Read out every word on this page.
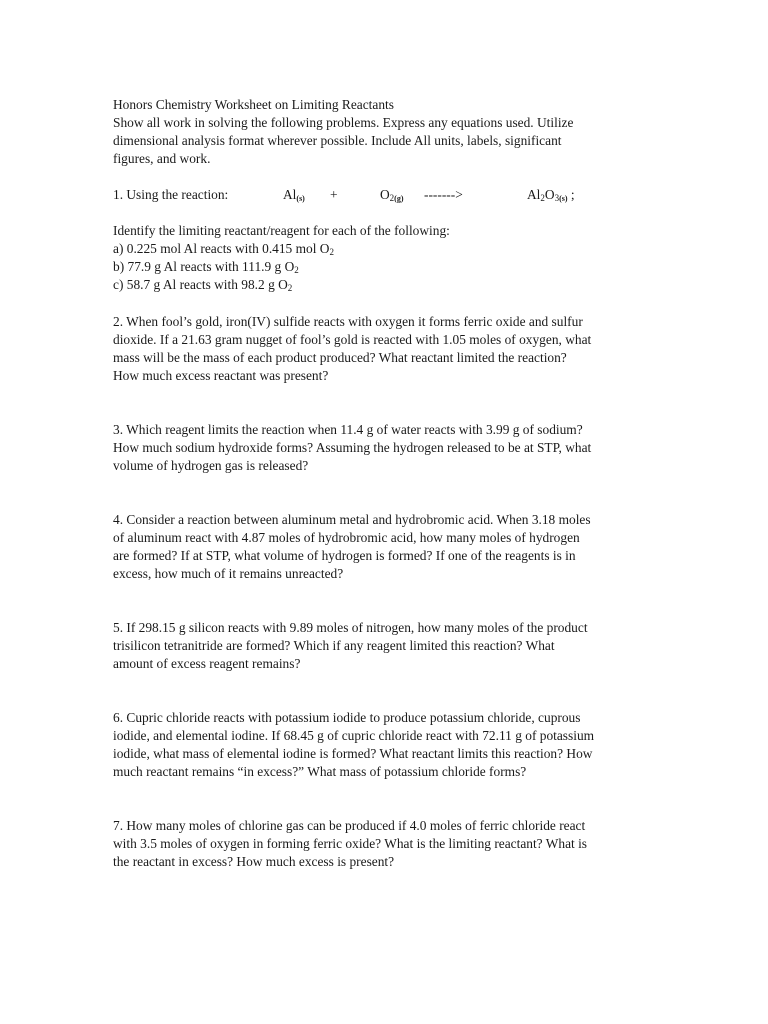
Honors Chemistry Worksheet on Limiting Reactants
Show all work in solving the following problems. Express any equations used. Utilize
dimensional analysis format wherever possible. Include All units, labels, significant
figures, and work.
1. Using the reaction:	$Al_{(s)}$ +	$O_{2(g)}$ ------->	$Al_2O_{3(s)}$ ;
Identify the limiting reactant/reagent for each of the following:
a) 0.225 mol Al reacts with 0.415 mol $O_2$
b) 77.9 g Al reacts with 111.9 g $O_2$
c) 58.7 g Al reacts with 98.2 g $O_2$
2. When fool’s gold, iron(IV) sulfide reacts with oxygen it forms ferric oxide and sulfur
dioxide. If a 21.63 gram nugget of fool’s gold is reacted with 1.05 moles of oxygen, what
mass will be the mass of each product produced? What reactant limited the reaction?
How much excess reactant was present?
3. Which reagent limits the reaction when 11.4 g of water reacts with 3.99 g of sodium?
How much sodium hydroxide forms? Assuming the hydrogen released to be at STP, what
volume of hydrogen gas is released?
4. Consider a reaction between aluminum metal and hydrobromic acid. When 3.18 moles
of aluminum react with 4.87 moles of hydrobromic acid, how many moles of hydrogen
are formed? If at STP, what volume of hydrogen is formed? If one of the reagents is in
excess, how much of it remains unreacted?
5. If 298.15 g silicon reacts with 9.89 moles of nitrogen, how many moles of the product
trisilicon tetranitride are formed? Which if any reagent limited this reaction? What
amount of excess reagent remains?
6. Cupric chloride reacts with potassium iodide to produce potassium chloride, cuprous
iodide, and elemental iodine. If 68.45 g of cupric chloride react with 72.11 g of potassium
iodide, what mass of elemental iodine is formed? What reactant limits this reaction? How
much reactant remains “in excess?” What mass of potassium chloride forms?
7. How many moles of chlorine gas can be produced if 4.0 moles of ferric chloride react
with 3.5 moles of oxygen in forming ferric oxide? What is the limiting reactant? What is
the reactant in excess? How much excess is present?
